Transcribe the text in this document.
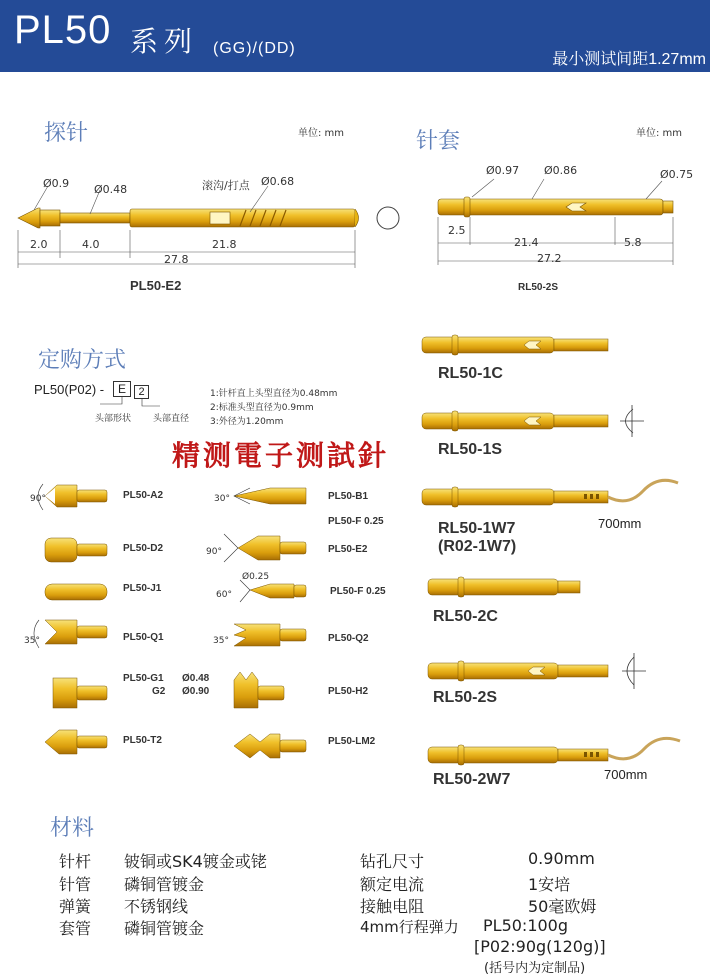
PL50 系列 (GG)/(DD)
最小测试间距1.27mm
探针	单位: mm
Ø0.9 Ø0.48	滚沟/打点 Ø0.68
2.0	4.0	21.8
27.8
PL50-E2
针套	单位: mm
Ø0.97 Ø0.86	Ø0.75
2.5
21.4	5.8
27.2
RL50-2S
定购方式
PL50(P02) -	E	2
头部形状 头部直径
1:针杆直上头型直径为0.48mm
2:标准头型直径为0.9mm
3:外径为1.20mm
精测電子测試針
90°	PL50-A2
PL50-D2
PL50-J1
35°	PL50-Q1
PL50-G1 Ø0.48
G2 Ø0.90
PL50-T2
30°	PL50-B1
PL50-F 0.25
90°	PL50-E2
Ø0.25
60°	PL50-F 0.25
35°	PL50-Q2
PL50-H2
PL50-LM2
RL50-1C
RL50-1S
RL50-1W7
(R02-1W7)
700mm
RL50-2C
RL50-2S
RL50-2W7	700mm
材料
针杆 铍铜或SK4镀金或铑
针管 磷铜管镀金
弹簧 不锈钢线
套管 磷铜管镀金
钻孔尺寸	0.90mm
额定电流	1安培
接触电阻	50毫欧姆
4mm行程弹力 PL50:100g
[P02:90g(120g)]
(括号内为定制品)
